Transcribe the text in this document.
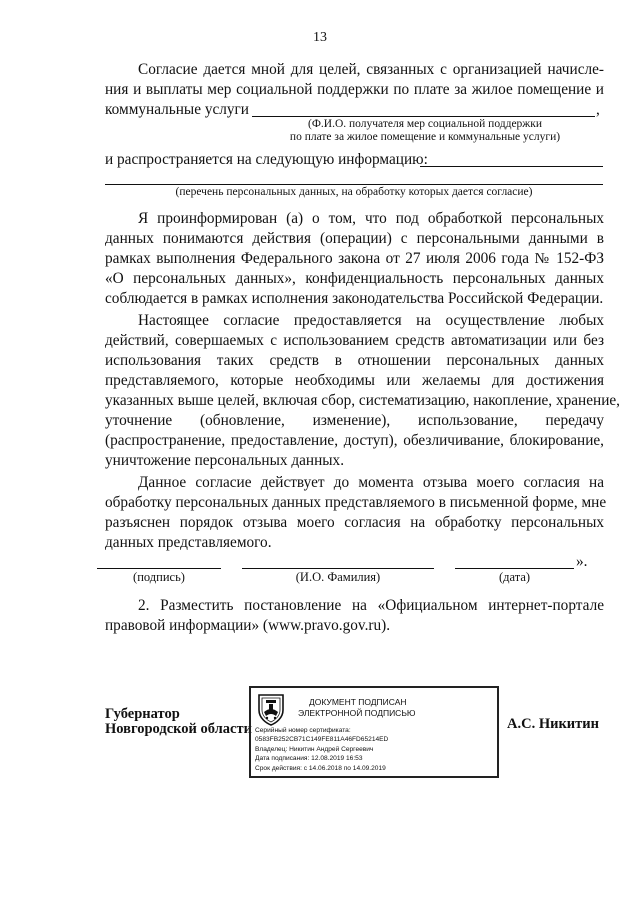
13
Согласие дается мной для целей, связанных с организацией начисле-
ния и выплаты мер социальной поддержки по плате за жилое помещение и
коммунальные услуги	,
(Ф.И.О. получателя мер социальной поддержки
по плате за жилое помещение и коммунальные услуги)
и распространяется на следующую информацию:
(перечень персональных данных, на обработку которых дается согласие)
Я проинформирован (а) о том, что под обработкой персональных
данных понимаются действия (операции) с персональными данными в
рамках выполнения Федерального закона от 27 июля 2006 года № 152-ФЗ
«О персональных данных», конфиденциальность персональных данных
соблюдается в рамках исполнения законодательства Российской Федерации.
Настоящее согласие предоставляется на осуществление любых
действий, совершаемых с использованием средств автоматизации или без
использования таких средств в отношении персональных данных
представляемого, которые необходимы или желаемы для достижения
указанных выше целей, включая сбор, систематизацию, накопление, хранение,
уточнение (обновление, изменение), использование, передачу
(распространение, предоставление, доступ), обезличивание, блокирование,
уничтожение персональных данных.
Данное согласие действует до момента отзыва моего согласия на
обработку персональных данных представляемого в письменной форме, мне
разъяснен порядок отзыва моего согласия на обработку персональных
данных представляемого.
».
(подпись)	(И.О. Фамилия)	(дата)
2. Разместить постановление на «Официальном интернет-портале
правовой информации» (www.pravo.gov.ru).
Губернатор
Новгородской области	А.С. Никитин
ДОКУМЕНТ ПОДПИСАН
ЭЛЕКТРОННОЙ ПОДПИСЬЮ
Серийный номер сертификата:
0583FB252CB71C149FE811A46FD65214ED
Владелец: Никитин Андрей Сергеевич
Дата подписания: 12.08.2019 16:53
Срок действия: с 14.06.2018 по 14.09.2019
